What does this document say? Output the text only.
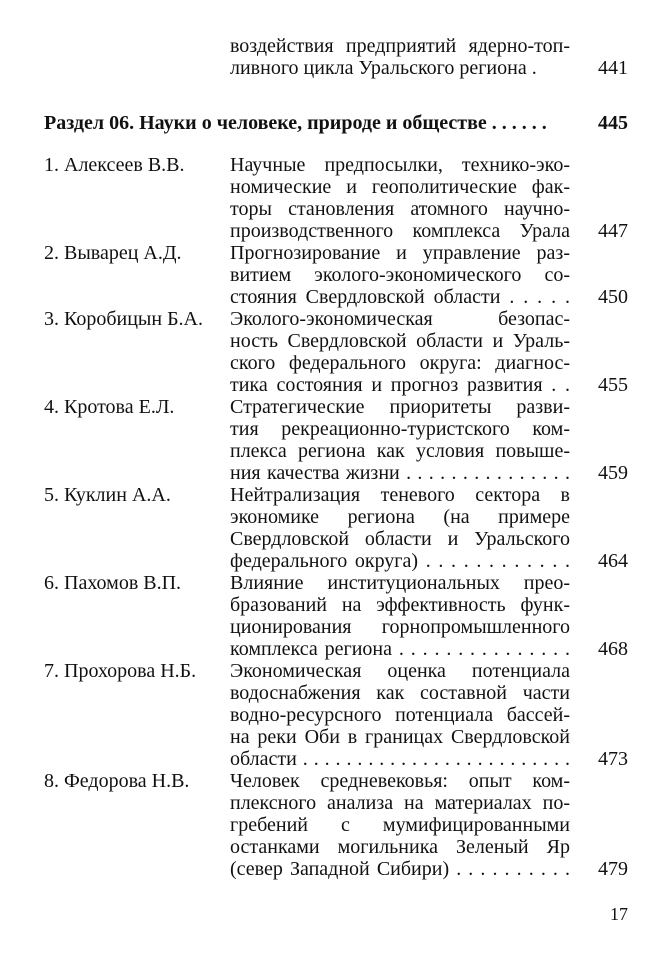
воздействия предприятий ядерно-топ-
ливного цикла Уральского региона .	441
Раздел 06. Науки о человеке, природе и обществе . . . . . .	445
1. Алексеев В.В.	Научные предпосылки, технико-эко-
номические и геополитические фак-
торы становления атомного научно-
производственного комплекса Урала	447
2. Выварец А.Д.	Прогнозирование и управление раз-
витием эколого-экономического со-
стояния Свердловской области . . . . .	450
3. Коробицын Б.А.	Эколого-экономическая безопас-
ность Свердловской области и Ураль-
ского федерального округа: диагнос-
тика состояния и прогноз развития . .	455
4. Кротова Е.Л.	Стратегические приоритеты разви-
тия рекреационно-туристского ком-
плекса региона как условия повыше-
ния качества жизни . . . . . . . . . . . . . . .	459
5. Куклин А.А.	Нейтрализация теневого сектора в
экономике региона (на примере
Свердловской области и Уральского
федерального округа) . . . . . . . . . . . .	464
6. Пахомов В.П.	Влияние институциональных прео-
бразований на эффективность функ-
ционирования горнопромышленного
комплекса региона . . . . . . . . . . . . . . .	468
7. Прохорова Н.Б.	Экономическая оценка потенциала
водоснабжения как составной части
водно-ресурсного потенциала бассей-
на реки Оби в границах Свердловской
области . . . . . . . . . . . . . . . . . . . . . . . . .	473
8. Федорова Н.В.	Человек средневековья: опыт ком-
плексного анализа на материалах по-
гребений с мумифицированными
останками могильника Зеленый Яр
(север Западной Сибири) . . . . . . . . . .	479
17
